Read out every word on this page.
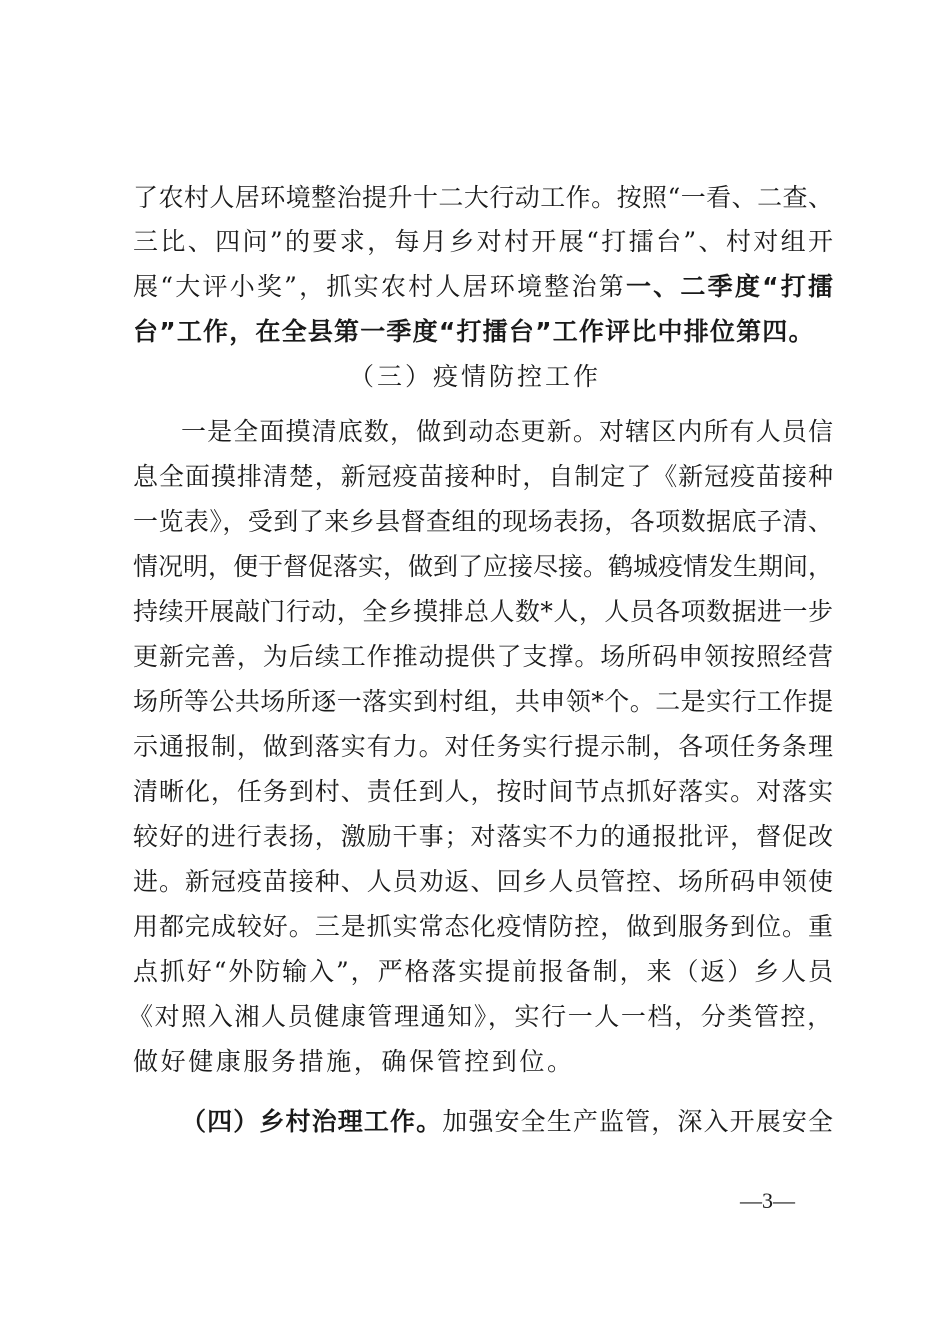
了农村人居环境整治提升十二大行动工作。按照“一看、二查、
三比、四问”的要求，每月乡对村开展“打擂台”、村对组开
展“大评小奖”，抓实农村人居环境整治第一、二季度“打擂
台”工作，在全县第一季度“打擂台”工作评比中排位第四。
（三）疫情防控工作
一是全面摸清底数，做到动态更新。对辖区内所有人员信
息全面摸排清楚，新冠疫苗接种时，自制定了《新冠疫苗接种
一览表》，受到了来乡县督查组的现场表扬，各项数据底子清、
情况明，便于督促落实，做到了应接尽接。鹤城疫情发生期间，
持续开展敲门行动，全乡摸排总人数*人，人员各项数据进一步
更新完善，为后续工作推动提供了支撑。场所码申领按照经营
场所等公共场所逐一落实到村组，共申领*个。二是实行工作提
示通报制，做到落实有力。对任务实行提示制，各项任务条理
清晰化，任务到村、责任到人，按时间节点抓好落实。对落实
较好的进行表扬，激励干事；对落实不力的通报批评，督促改
进。新冠疫苗接种、人员劝返、回乡人员管控、场所码申领使
用都完成较好。三是抓实常态化疫情防控，做到服务到位。重
点抓好“外防输入”，严格落实提前报备制，来（返）乡人员
《对照入湘人员健康管理通知》，实行一人一档，分类管控，
做好健康服务措施，确保管控到位。
（四）乡村治理工作。加强安全生产监管，深入开展安全
—3—
